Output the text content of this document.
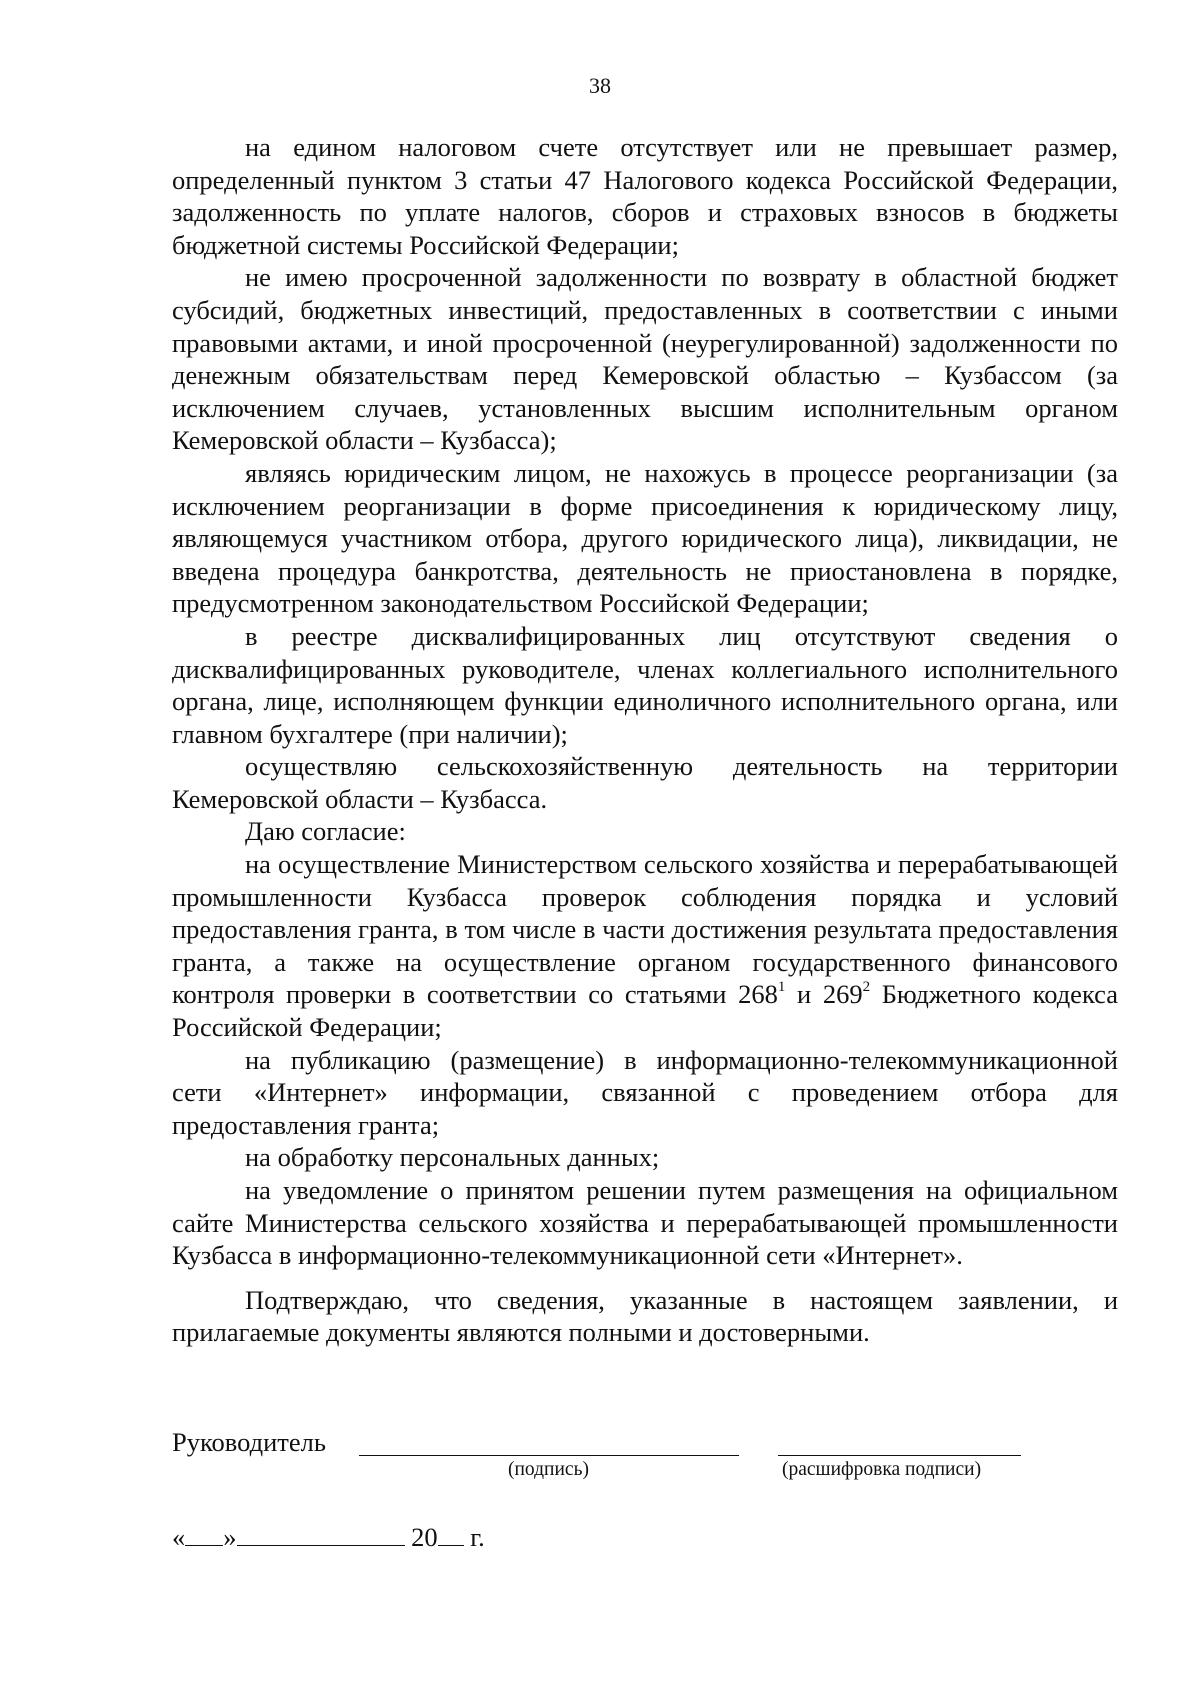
38

на едином налоговом счете отсутствует или не превышает размер, определенный пунктом 3 статьи 47 Налогового кодекса Российской Федерации, задолженность по уплате налогов, сборов и страховых взносов в бюджеты бюджетной системы Российской Федерации;

не имею просроченной задолженности по возврату в областной бюджет субсидий, бюджетных инвестиций, предоставленных в соответствии с иными правовыми актами, и иной просроченной (неурегулированной) задолженности по денежным обязательствам перед Кемеровской областью – Кузбассом (за исключением случаев, установленных высшим исполнительным органом Кемеровской области – Кузбасса);

являясь юридическим лицом, не нахожусь в процессе реорганизации (за исключением реорганизации в форме присоединения к юридическому лицу, являющемуся участником отбора, другого юридического лица), ликвидации, не введена процедура банкротства, деятельность не приостановлена в порядке, предусмотренном законодательством Российской Федерации;

в реестре дисквалифицированных лиц отсутствуют сведения о дисквалифицированных руководителе, членах коллегиального исполнительного органа, лице, исполняющем функции единоличного исполнительного органа, или главном бухгалтере (при наличии);

осуществляю сельскохозяйственную деятельность на территории Кемеровской области – Кузбасса.

Даю согласие:

на осуществление Министерством сельского хозяйства и перерабатывающей промышленности Кузбасса проверок соблюдения порядка и условий предоставления гранта, в том числе в части достижения результата предоставления гранта, а также на осуществление органом государственного финансового контроля проверки в соответствии со статьями $268^1$ и $269^2$ Бюджетного кодекса Российской Федерации;

на публикацию (размещение) в информационно-телекоммуникационной сети «Интернет» информации, связанной с проведением отбора для предоставления гранта;

на обработку персональных данных;

на уведомление о принятом решении путем размещения на официальном сайте Министерства сельского хозяйства и перерабатывающей промышленности Кузбасса в информационно-телекоммуникационной сети «Интернет».

Подтверждаю, что сведения, указанные в настоящем заявлении, и прилагаемые документы являются полными и достоверными.

Руководитель
(подпись)	(расшифровка подписи)
« »	20 г.
